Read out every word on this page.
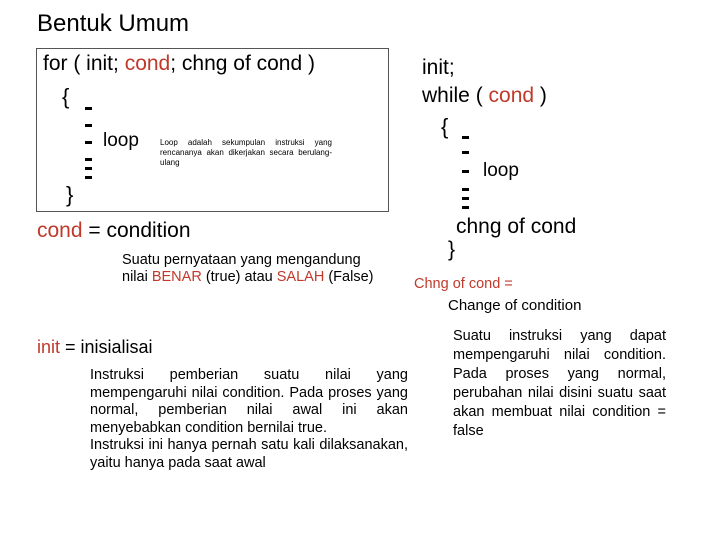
Bentuk Umum
for ( init; cond; chng of cond )
{
loop	Loop adalah sekumpulan instruksi yang rencananya akan dikerjakan secara berulang-ulang
}
cond = condition
Suatu pernyataan yang mengandung nilai BENAR (true) atau SALAH (False)
init = inisialisai
Instruksi pemberian suatu nilai yang mempengaruhi nilai condition. Pada proses yang normal, pemberian nilai awal ini akan menyebabkan condition bernilai true.
Instruksi ini hanya pernah satu kali dilaksanakan, yaitu hanya pada saat awal
init;
while ( cond )
{
loop
chng of cond
}
Chng of cond =
Change of condition
Suatu instruksi yang dapat mempengaruhi nilai condition. Pada proses yang normal, perubahan nilai disini suatu saat akan membuat nilai condition = false
